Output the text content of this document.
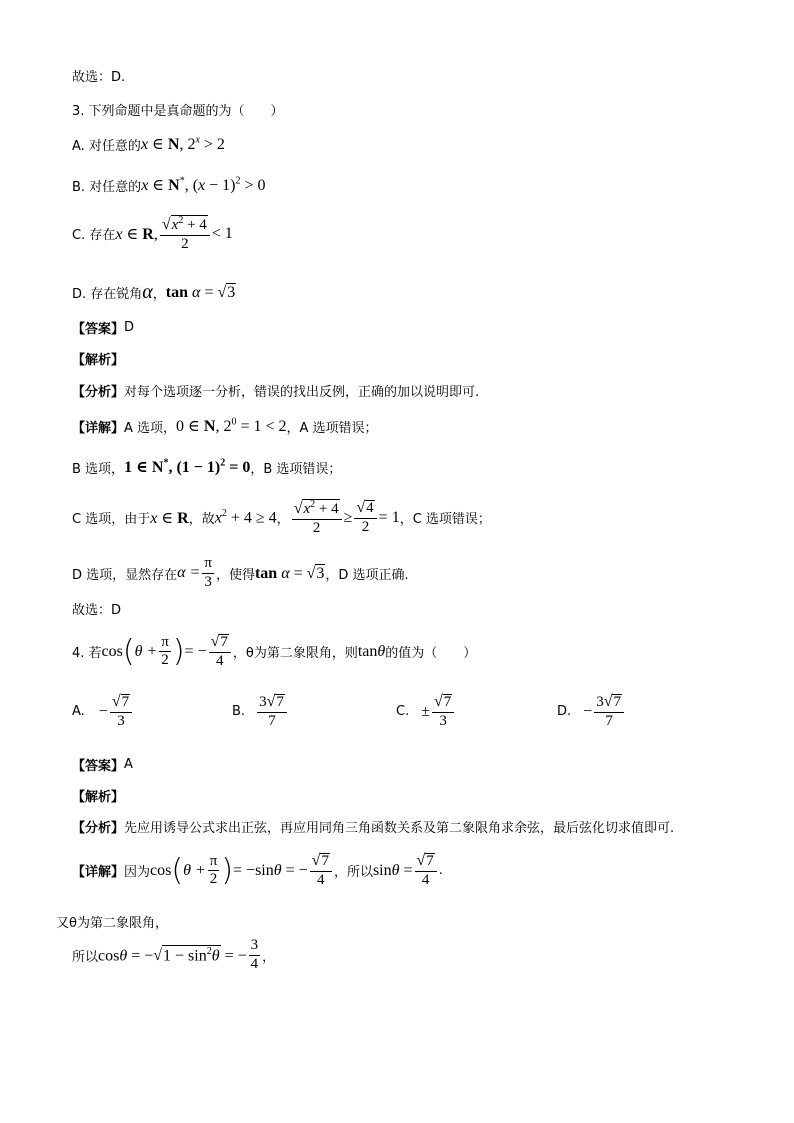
故选：D.
3. 下列命题中是真命题的为（　　）
A. 对任意的 x ∈ N, $2^x > 2$
B. 对任意的 x ∈ N*, $(x - 1)^2 > 0$
C. 存在 x ∈ R, $\frac{√ x^2 + 4}{2} < 1$
D. 存在锐角 α ， tan α = √ 3
【答案】 D
【解析】
【分析】 对每个选项逐一分析，错误的找出反例，正确的加以说明即可.
【详解】 A 选项， 0 ∈ N, $2^0 = 1 < 2$ ，A 选项错误；
B 选项， 1 ∈ N*, $(1 - 1)^2 = 0$ ，B 选项错误；
C 选项，由于 x ∈ R ，故 $x^2 + 4 \ge 4$ ， $\frac{√ x^2 + 4}{2} \ge \frac{√ 4}{2} = 1$ ，C 选项错误；
D 选项，显然存在 $\alpha = \frac{\pi}{3}$ ，使得 tan α = √ 3 ，D 选项正确.
故选：D
4. 若 cos ( $\theta + \frac{\pi}{2}$ ) = − $\frac{√ 7}{4}$ ，θ为第二象限角，则 tanθ 的值为（　　）
A. − $\frac{√ 7}{3}$	B. $\frac{3 √ 7}{7}$	C. ± $\frac{√ 7}{3}$	D. − $\frac{3 √ 7}{7}$
【答案】 A
【解析】
【分析】 先应用诱导公式求出正弦，再应用同角三角函数关系及第二象限角求余弦，最后弦化切求值即可.
【详解】 因为 cos ( $\theta + \frac{\pi}{2}$ ) = −sinθ = − $\frac{√ 7}{4}$ ，所以 $\sin\theta = \frac{√ 7}{4}$ .
又θ为第二象限角，
所以 cosθ = − √ $1 - \sin^2\theta$ = − $\frac{3}{4}$ ，
